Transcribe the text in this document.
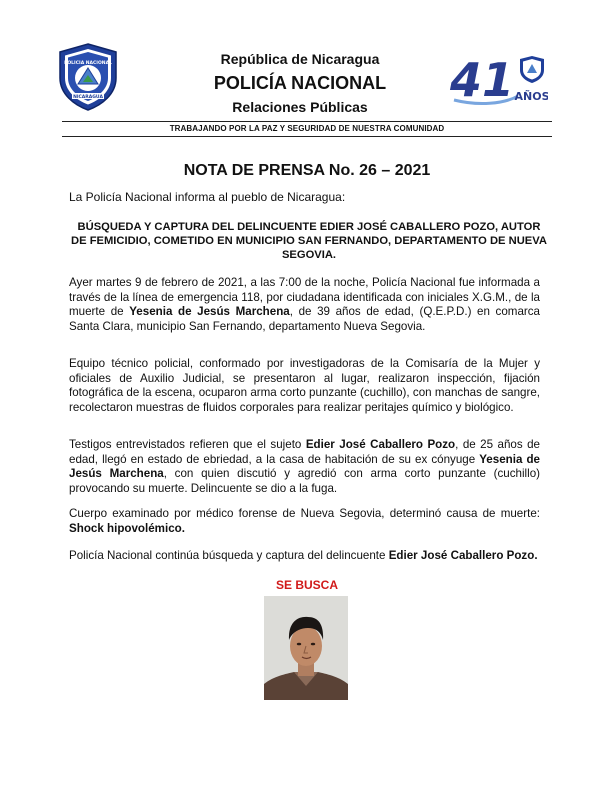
POLICIA NACIONAL
NICARAGUA
República de Nicaragua
POLICÍA NACIONAL
Relaciones Públicas	41 AÑOS
TRABAJANDO POR LA PAZ Y SEGURIDAD DE NUESTRA COMUNIDAD
NOTA DE PRENSA No. 26 – 2021
La Policía Nacional informa al pueblo de Nicaragua:
BÚSQUEDA Y CAPTURA DEL DELINCUENTE EDIER JOSÉ CABALLERO POZO, AUTOR DE FEMICIDIO, COMETIDO EN MUNICIPIO SAN FERNANDO, DEPARTAMENTO DE NUEVA SEGOVIA.
Ayer martes 9 de febrero de 2021, a las 7:00 de la noche, Policía Nacional fue informada a través de la línea de emergencia 118, por ciudadana identificada con iniciales X.G.M., de la muerte de Yesenia de Jesús Marchena, de 39 años de edad, (Q.E.P.D.) en comarca Santa Clara, municipio San Fernando, departamento Nueva Segovia.
Equipo técnico policial, conformado por investigadoras de la Comisaría de la Mujer y oficiales de Auxilio Judicial, se presentaron al lugar, realizaron inspección, fijación fotográfica de la escena, ocuparon arma corto punzante (cuchillo), con manchas de sangre, recolectaron muestras de fluidos corporales para realizar peritajes químico y biológico.
Testigos entrevistados refieren que el sujeto Edier José Caballero Pozo, de 25 años de edad, llegó en estado de ebriedad, a la casa de habitación de su ex cónyuge Yesenia de Jesús Marchena, con quien discutió y agredió con arma corto punzante (cuchillo) provocando su muerte. Delincuente se dio a la fuga.
Cuerpo examinado por médico forense de Nueva Segovia, determinó causa de muerte: Shock hipovolémico.
Policía Nacional continúa búsqueda y captura del delincuente Edier José Caballero Pozo.
SE BUSCA
